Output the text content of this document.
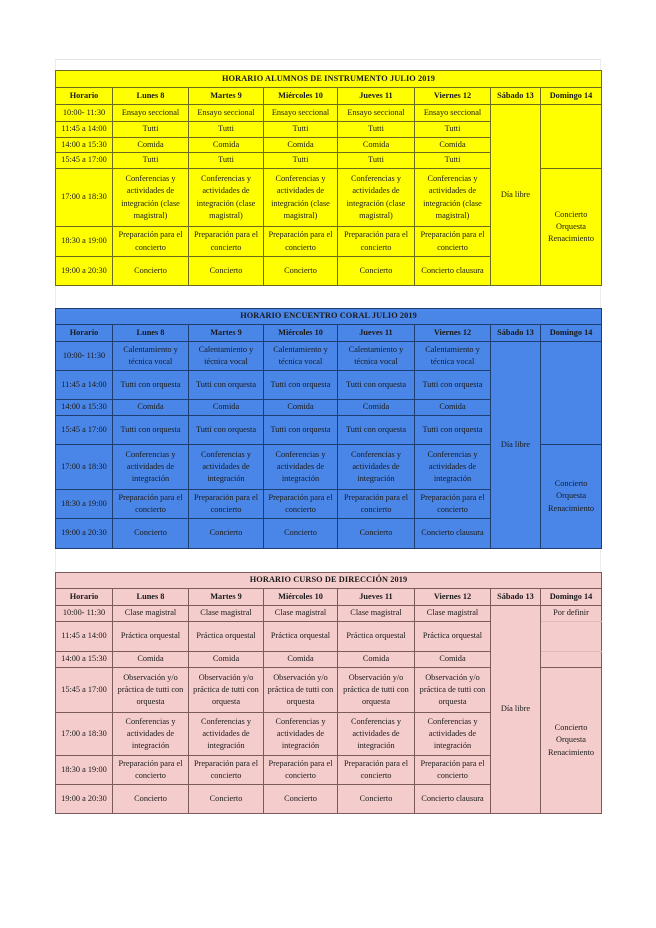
HORARIO ALUMNOS DE INSTRUMENTO JULIO 2019							
Horario	Lunes 8	Martes 9	Miércoles 10	Jueves 11	Viernes 12	Sábado 13	Domingo 14
10:00- 11:30	Ensayo seccional	Ensayo seccional	Ensayo seccional	Ensayo seccional	Ensayo seccional	Día libre	
11:45 a 14:00	Tutti	Tutti	Tutti	Tutti	Tutti		
14:00 a 15:30	Comida	Comida	Comida	Comida	Comida		
15:45 a 17:00	Tutti	Tutti	Tutti	Tutti	Tutti		
17:00 a 18:30	Conferencias y actividades de integración (clase magistral)	Conferencias y actividades de integración (clase magistral)	Conferencias y actividades de integración (clase magistral)	Conferencias y actividades de integración (clase magistral)	Conferencias y actividades de integración (clase magistral)		Concierto Orquesta Renacimiento
18:30 a 19:00	Preparación para el concierto	Preparación para el concierto	Preparación para el concierto	Preparación para el concierto	Preparación para el concierto		
19:00 a 20:30	Concierto	Concierto	Concierto	Concierto	Concierto clausura		
HORARIO ENCUENTRO CORAL JULIO 2019							
Horario	Lunes 8	Martes 9	Miércoles 10	Jueves 11	Viernes 12	Sábado 13	Domingo 14
10:00- 11:30	Calentamiento y técnica vocal	Calentamiento y técnica vocal	Calentamiento y técnica vocal	Calentamiento y técnica vocal	Calentamiento y técnica vocal	Día libre	
11:45 a 14:00	Tutti con orquesta	Tutti con orquesta	Tutti con orquesta	Tutti con orquesta	Tutti con orquesta		
14:00 a 15:30	Comida	Comida	Comida	Comida	Comida		
15:45 a 17:00	Tutti con orquesta	Tutti con orquesta	Tutti con orquesta	Tutti con orquesta	Tutti con orquesta		
17:00 a 18:30	Conferencias y actividades de integración	Conferencias y actividades de integración	Conferencias y actividades de integración	Conferencias y actividades de integración	Conferencias y actividades de integración		Concierto Orquesta Renacimiento
18:30 a 19:00	Preparación para el concierto	Preparación para el concierto	Preparación para el concierto	Preparación para el concierto	Preparación para el concierto		
19:00 a 20:30	Concierto	Concierto	Concierto	Concierto	Concierto clausura		
HORARIO CURSO DE DIRECCIÓN 2019							
Horario	Lunes 8	Martes 9	Miércoles 10	Jueves 11	Viernes 12	Sábado 13	Domingo 14
10:00- 11:30	Clase magistral	Clase magistral	Clase magistral	Clase magistral	Clase magistral	Día libre	Por definir
11:45 a 14:00	Práctica orquestal	Práctica orquestal	Práctica orquestal	Práctica orquestal	Práctica orquestal		
14:00 a 15:30	Comida	Comida	Comida	Comida	Comida		
15:45 a 17:00	Observación y/o práctica de tutti con orquesta	Observación y/o práctica de tutti con orquesta	Observación y/o práctica de tutti con orquesta	Observación y/o práctica de tutti con orquesta	Observación y/o práctica de tutti con orquesta		Concierto Orquesta Renacimiento
17:00 a 18:30	Conferencias y actividades de integración	Conferencias y actividades de integración	Conferencias y actividades de integración	Conferencias y actividades de integración	Conferencias y actividades de integración		
18:30 a 19:00	Preparación para el concierto	Preparación para el concierto	Preparación para el concierto	Preparación para el concierto	Preparación para el concierto		
19:00 a 20:30	Concierto	Concierto	Concierto	Concierto	Concierto clausura		
